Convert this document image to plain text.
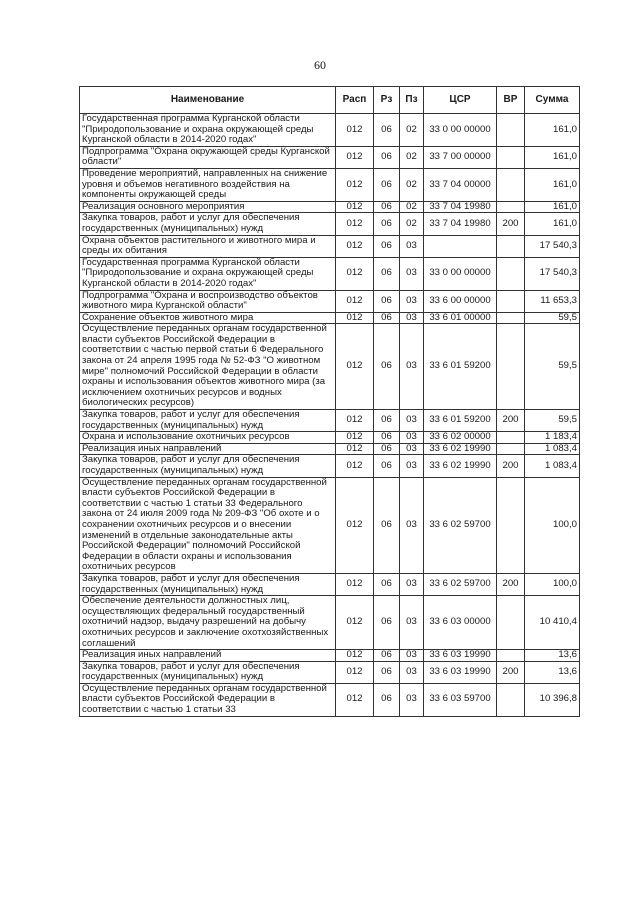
60
Наименование	Расп	Рз	Пз	ЦСР	ВР	Сумма
Государственная программа Курганской области "Природопользование и охрана окружающей среды Курганской области в 2014-2020 годах"	012	06	02	33 0 00 00000		161,0
Подпрограмма "Охрана окружающей среды Курганской области"	012	06	02	33 7 00 00000		161,0
Проведение мероприятий, направленных на снижение уровня и объемов негативного воздействия на компоненты окружающей среды	012	06	02	33 7 04 00000		161,0
Реализация основного мероприятия	012	06	02	33 7 04 19980		161,0
Закупка товаров, работ и услуг для обеспечения государственных (муниципальных) нужд	012	06	02	33 7 04 19980	200	161,0
Охрана объектов растительного и животного мира и среды их обитания	012	06	03			17 540,3
Государственная программа Курганской области "Природопользование и охрана окружающей среды Курганской области в 2014-2020 годах"	012	06	03	33 0 00 00000		17 540,3
Подпрограмма "Охрана и воспроизводство объектов животного мира Курганской области"	012	06	03	33 6 00 00000		11 653,3
Сохранение объектов животного мира	012	06	03	33 6 01 00000		59,5
Осуществление переданных органам государственной власти субъектов Российской Федерации в соответствии с частью первой статьи 6 Федерального закона от 24 апреля 1995 года № 52-ФЗ "О животном мире" полномочий Российской Федерации в области охраны и использования объектов животного мира (за исключением охотничьих ресурсов и водных биологических ресурсов)	012	06	03	33 6 01 59200		59,5
Закупка товаров, работ и услуг для обеспечения государственных (муниципальных) нужд	012	06	03	33 6 01 59200	200	59,5
Охрана и использование охотничьих ресурсов	012	06	03	33 6 02 00000		1 183,4
Реализация иных направлений	012	06	03	33 6 02 19990		1 083,4
Закупка товаров, работ и услуг для обеспечения государственных (муниципальных) нужд	012	06	03	33 6 02 19990	200	1 083,4
Осуществление переданных органам государственной власти субъектов Российской Федерации в соответствии с частью 1 статьи 33 Федерального закона от 24 июля 2009 года № 209-ФЗ "Об охоте и о сохранении охотничьих ресурсов и о внесении изменений в отдельные законодательные акты Российской Федерации" полномочий Российской Федерации в области охраны и использования охотничьих ресурсов	012	06	03	33 6 02 59700		100,0
Закупка товаров, работ и услуг для обеспечения государственных (муниципальных) нужд	012	06	03	33 6 02 59700	200	100,0
Обеспечение деятельности должностных лиц, осуществляющих федеральный государственный охотничий надзор, выдачу разрешений на добычу охотничьих ресурсов и заключение охотхозяйственных соглашений	012	06	03	33 6 03 00000		10 410,4
Реализация иных направлений	012	06	03	33 6 03 19990		13,6
Закупка товаров, работ и услуг для обеспечения государственных (муниципальных) нужд	012	06	03	33 6 03 19990	200	13,6
Осуществление переданных органам государственной власти субъектов Российской Федерации в соответствии с частью 1 статьи 33	012	06	03	33 6 03 59700		10 396,8
